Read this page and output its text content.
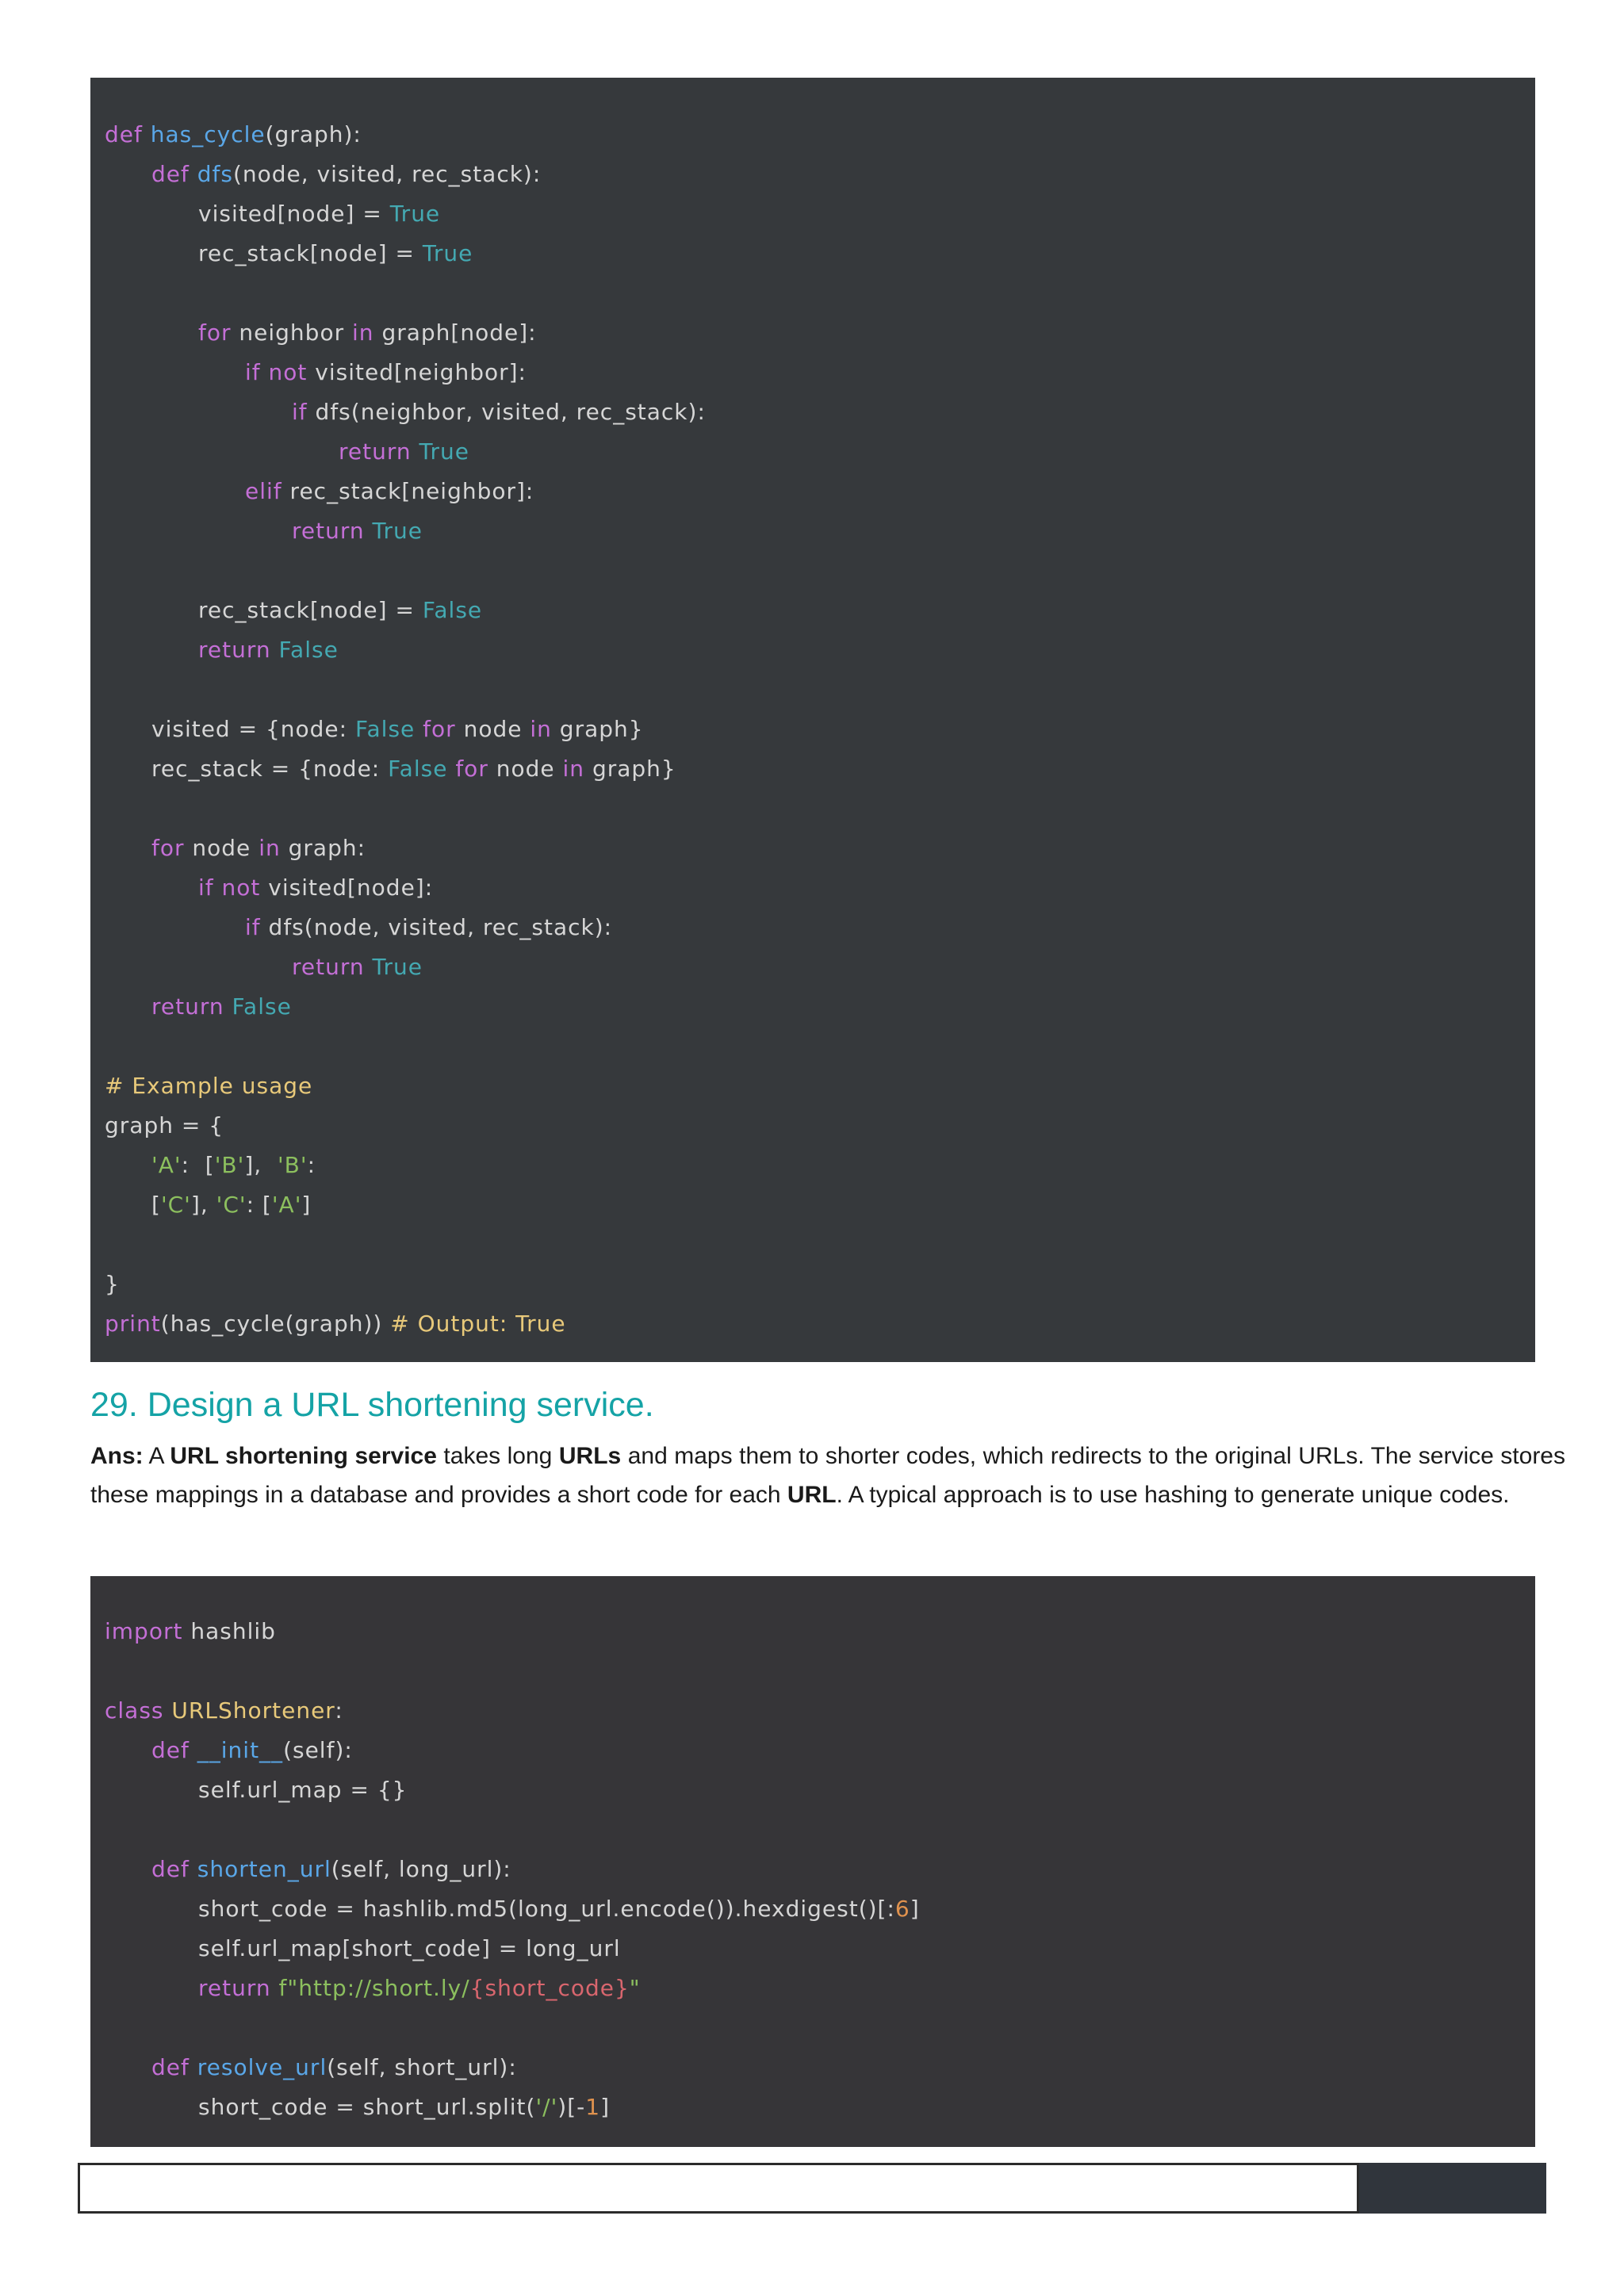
def has_cycle(graph):
def dfs(node, visited, rec_stack):
visited[node] = True
rec_stack[node] = True
for neighbor in graph[node]:
if not visited[neighbor]:
if dfs(neighbor, visited, rec_stack):
return True
elif rec_stack[neighbor]:
return True
rec_stack[node] = False
return False
visited = {node: False for node in graph}
rec_stack = {node: False for node in graph}
for node in graph:
if not visited[node]:
if dfs(node, visited, rec_stack):
return True
return False
# Example usage
graph = {
'A':  ['B'],  'B':
['C'], 'C': ['A']
}
print(has_cycle(graph)) # Output: True
29. Design a URL shortening service.

Ans: A URL shortening service takes long URLs and maps them to shorter codes, which redirects to the original URLs. The service stores these mappings in a database and provides a short code for each URL. A typical approach is to use hashing to generate unique codes.

import hashlib
class URLShortener:
def __init__(self):
self.url_map = {}
def shorten_url(self, long_url):
short_code = hashlib.md5(long_url.encode()).hexdigest()[:6]
self.url_map[short_code] = long_url
return f"http://short.ly/{short_code}"
def resolve_url(self, short_url):
short_code = short_url.split('/')[-1]
